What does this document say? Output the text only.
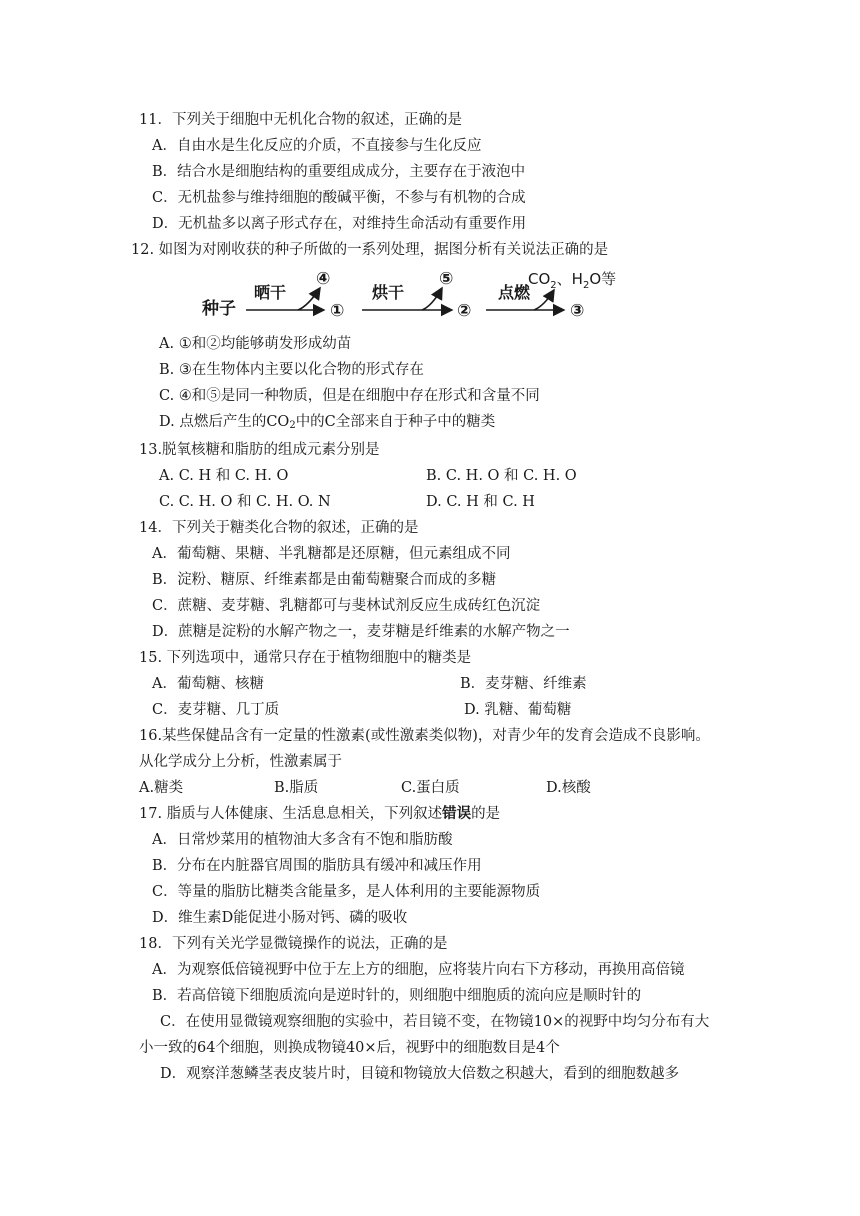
11．下列关于细胞中无机化合物的叙述，正确的是
A．自由水是生化反应的介质，不直接参与生化反应
B．结合水是细胞结构的重要组成成分，主要存在于液泡中
C．无机盐参与维持细胞的酸碱平衡，不参与有机物的合成
D．无机盐多以离子形式存在，对维持生命活动有重要作用
12. 如图为对刚收获的种子所做的一系列处理，据图分析有关说法正确的是
种子
晒干
④
①
烘干
⑤
②
点燃
$CO_2$、$H_2O$等
③
A. ①和②均能够萌发形成幼苗
B. ③在生物体内主要以化合物的形式存在
C. ④和⑤是同一种物质，但是在细胞中存在形式和含量不同
D. 点燃后产生的$CO_2$中的C全部来自于种子中的糖类
13.脱氧核糖和脂肪的组成元素分别是
A. C. H 和 C. H. O	B. C. H. O 和 C. H. O
C. C. H. O 和 C. H. O. N	D. C. H 和 C. H
14．下列关于糖类化合物的叙述，正确的是
A．葡萄糖、果糖、半乳糖都是还原糖，但元素组成不同
B．淀粉、糖原、纤维素都是由葡萄糖聚合而成的多糖
C．蔗糖、麦芽糖、乳糖都可与斐林试剂反应生成砖红色沉淀
D．蔗糖是淀粉的水解产物之一，麦芽糖是纤维素的水解产物之一
15. 下列选项中，通常只存在于植物细胞中的糖类是
A．葡萄糖、核糖	B．麦芽糖、纤维素
C．麦芽糖、几丁质	D. 乳糖、葡萄糖
16.某些保健品含有一定量的性激素(或性激素类似物)，对青少年的发育会造成不良影响。
从化学成分上分析，性激素属于
A.糖类	B.脂质	C.蛋白质	D.核酸
17. 脂质与人体健康、生活息息相关，下列叙述错误的是
A．日常炒菜用的植物油大多含有不饱和脂肪酸
B．分布在内脏器官周围的脂肪具有缓冲和减压作用
C．等量的脂肪比糖类含能量多，是人体利用的主要能源物质
D．维生素D能促进小肠对钙、磷的吸收
18．下列有关光学显微镜操作的说法，正确的是
A．为观察低倍镜视野中位于左上方的细胞，应将装片向右下方移动，再换用高倍镜
B．若高倍镜下细胞质流向是逆时针的，则细胞中细胞质的流向应是顺时针的
C．在使用显微镜观察细胞的实验中，若目镜不变，在物镜10×的视野中均匀分布有大
小一致的64个细胞，则换成物镜40×后，视野中的细胞数目是4个
D．观察洋葱鳞茎表皮装片时，目镜和物镜放大倍数之积越大，看到的细胞数越多
